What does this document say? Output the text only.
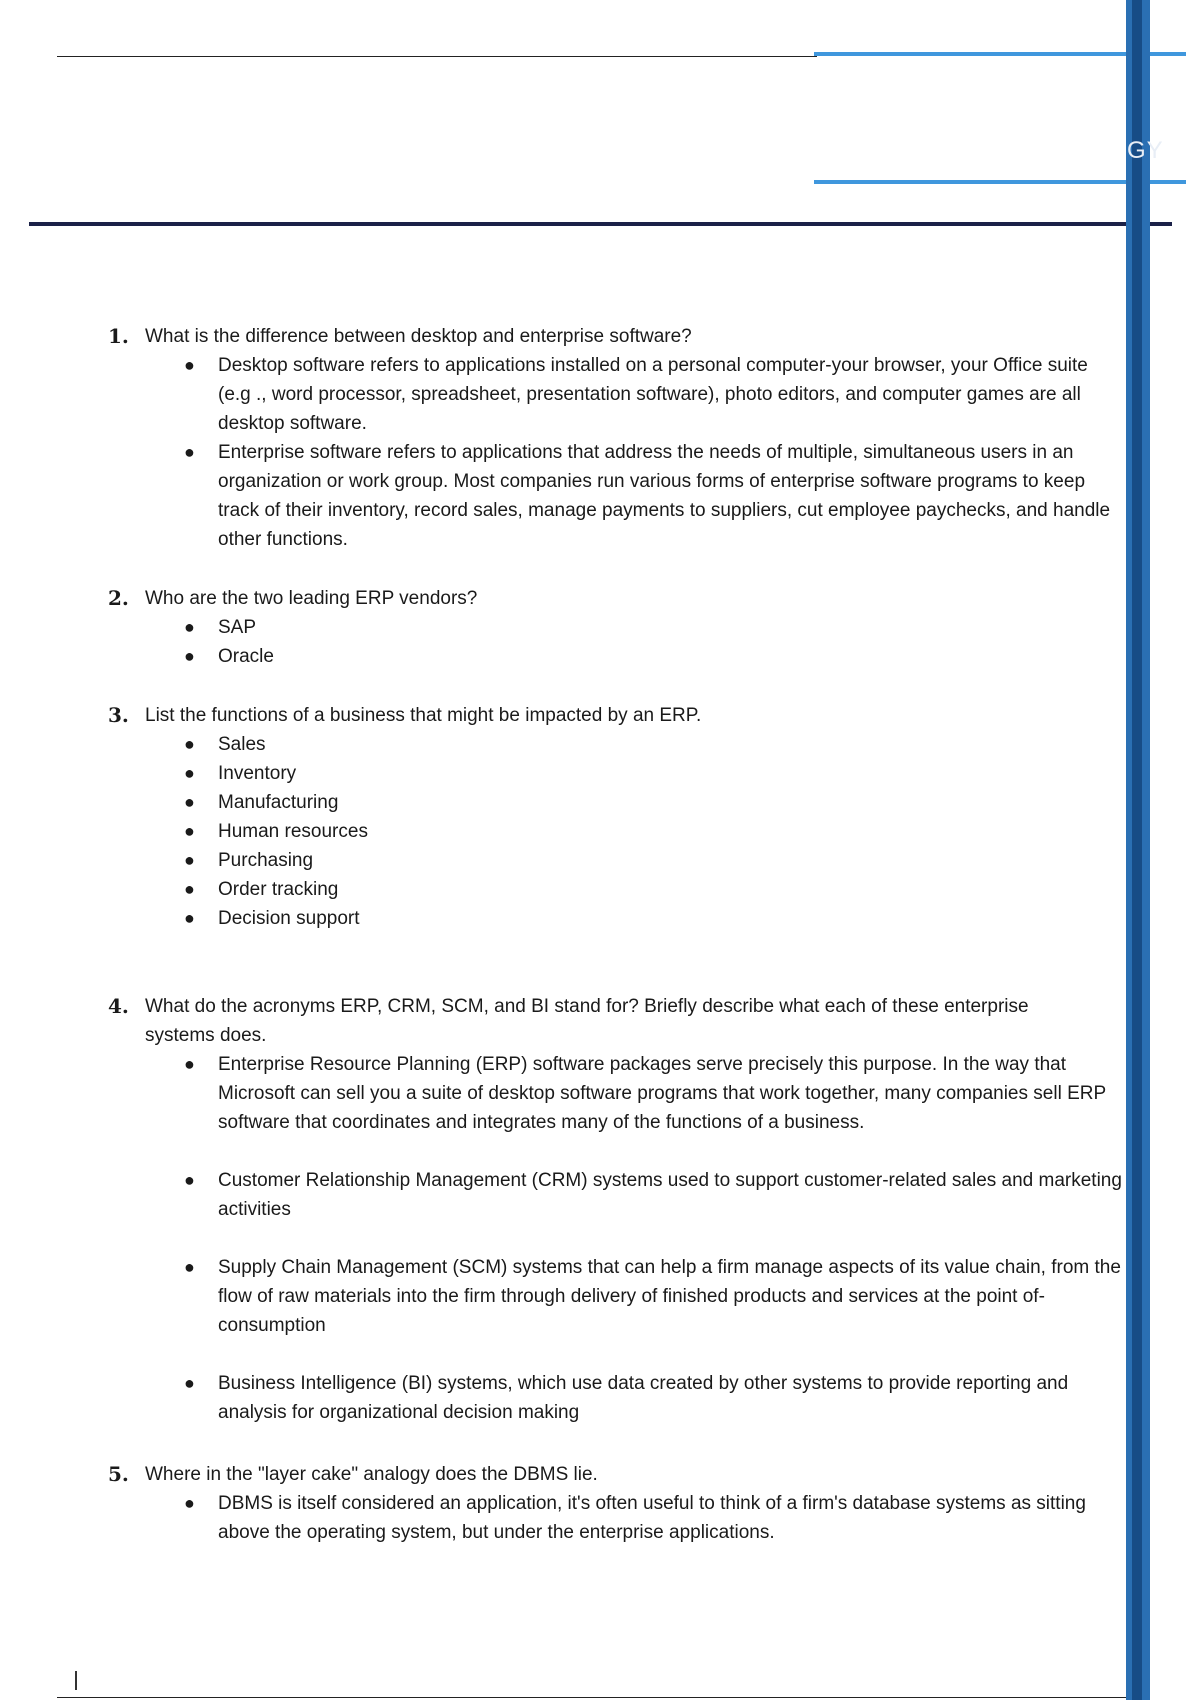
GY
1. What is the difference between desktop and enterprise software?
● Desktop software refers to applications installed on a personal computer-your browser, your Office suite (e.g ., word processor, spreadsheet, presentation software), photo editors, and computer games are all desktop software.
● Enterprise software refers to applications that address the needs of multiple, simultaneous users in an organization or work group. Most companies run various forms of enterprise software programs to keep track of their inventory, record sales, manage payments to suppliers, cut employee paychecks, and handle other functions.
2. Who are the two leading ERP vendors?
● SAP
● Oracle
3. List the functions of a business that might be impacted by an ERP.
● Sales
● Inventory
● Manufacturing
● Human resources
● Purchasing
● Order tracking
● Decision support
4. What do the acronyms ERP, CRM, SCM, and BI stand for? Briefly describe what each of these enterprise systems does.
● Enterprise Resource Planning (ERP) software packages serve precisely this purpose. In the way that Microsoft can sell you a suite of desktop software programs that work together, many companies sell ERP software that coordinates and integrates many of the functions of a business.
● Customer Relationship Management (CRM) systems used to support customer-related sales and marketing activities
● Supply Chain Management (SCM) systems that can help a firm manage aspects of its value chain, from the flow of raw materials into the firm through delivery of finished products and services at the point of-consumption
● Business Intelligence (BI) systems, which use data created by other systems to provide reporting and analysis for organizational decision making
5. Where in the "layer cake" analogy does the DBMS lie.
● DBMS is itself considered an application, it's often useful to think of a firm's database systems as sitting above the operating system, but under the enterprise applications.
